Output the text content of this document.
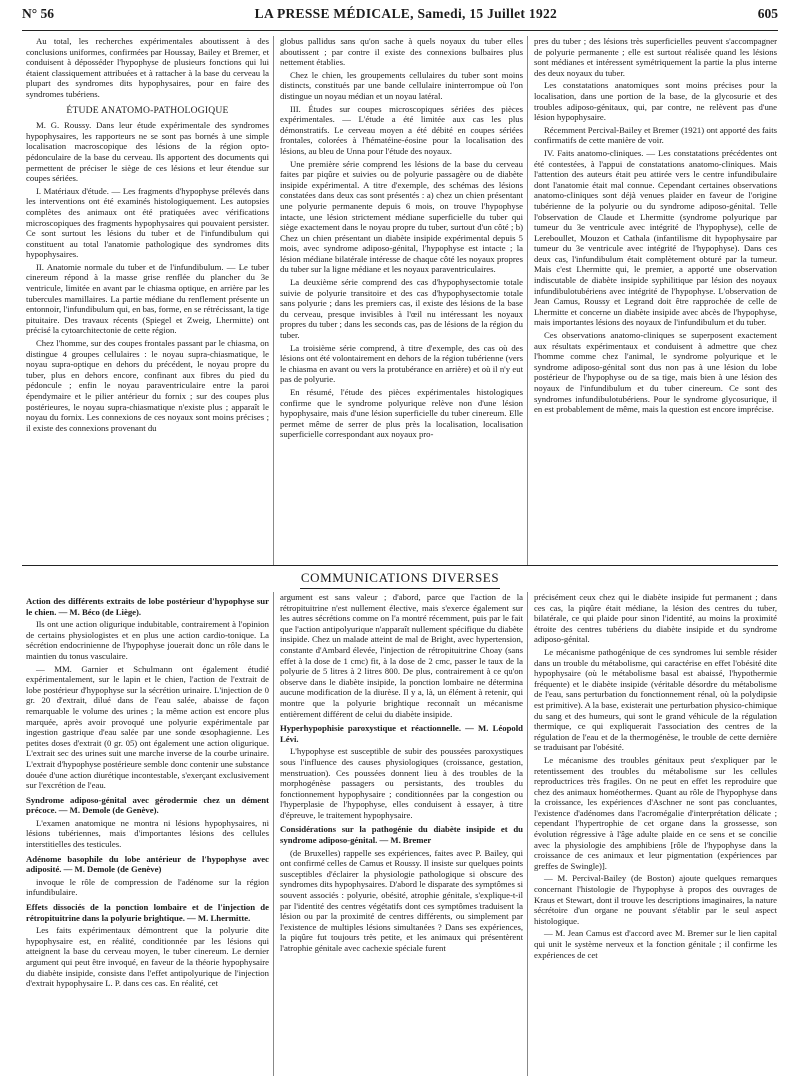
N° 56	LA PRESSE MÉDICALE, Samedi, 15 Juillet 1922	605

Au total, les recherches expérimentales aboutissent à des conclusions uniformes, confirmées par Houssay, Bailey et Bremer, et conduisent à déposséder l'hypophyse de plusieurs fonctions qui lui étaient classiquement attribuées et à rattacher à la base du cerveau la plupart des syndromes dits hypophysaires, pour en faire des syndromes tubériens.

ÉTUDE ANATOMO-PATHOLOGIQUE

M. G. Roussy. Dans leur étude expérimentale des syndromes hypophysaires, les rapporteurs ne se sont pas bornés à une simple localisation macroscopique des lésions de la région opto-pédonculaire de la base du cerveau. Ils apportent des documents qui permettent de préciser le siège de ces lésions et leur étendue sur coupes sériées.

I. Matériaux d'étude. — Les fragments d'hypophyse prélevés dans les interventions ont été examinés histologiquement. Les autopsies complètes des animaux ont été pratiquées avec vérifications microscopiques des fragments hypophysaires qui pouvaient persister. Ce sont surtout les lésions du tuber et de l'infundibulum qui constituent au total l'anatomie pathologique des syndromes dits hypophysaires.

II. Anatomie normale du tuber et de l'infundibulum. — Le tuber cinereum répond à la masse grise renflée du plancher du 3e ventricule, limitée en avant par le chiasma optique, en arrière par les tubercules mamillaires. La partie médiane du renflement présente un entonnoir, l'infundibulum qui, en bas, forme, en se rétrécissant, la tige pituitaire. Des travaux récents (Spiegel et Zweig, Lhermitte) ont précisé la cytoarchitectonie de cette région.

Chez l'homme, sur des coupes frontales passant par le chiasma, on distingue 4 groupes cellulaires : le noyau supra-chiasmatique, le noyau supra-optique en dehors du précédent, le noyau propre du tuber, plus en dehors encore, confinant aux fibres du pied du pédoncule ; enfin le noyau paraventriculaire entre la paroi épendymaire et le pilier antérieur du fornix ; sur des coupes plus postérieures, le noyau supra-chiasmatique n'existe plus ; apparaît le noyau du fornix. Les connexions de ces noyaux sont moins précises ; il existe des connexions provenant du

globus pallidus sans qu'on sache à quels noyaux du tuber elles aboutissent ; par contre il existe des connexions bulbaires plus nettement établies.

Chez le chien, les groupements cellulaires du tuber sont moins distincts, constitués par une bande cellulaire ininterrompue où l'on distingue un noyau médian et un noyau latéral.

III. Études sur coupes microscopiques sériées des pièces expérimentales. — L'étude a été limitée aux cas les plus démonstratifs. Le cerveau moyen a été débité en coupes sériées frontales, colorées à l'hématéine-éosine pour la localisation des lésions, au bleu de Unna pour l'étude des noyaux.

Une première série comprend les lésions de la base du cerveau faites par piqûre et suivies ou de polyurie passagère ou de diabète insipide expérimental. A titre d'exemple, des schémas des lésions constatées dans deux cas sont présentés : a) chez un chien présentant une polyurie permanente depuis 6 mois, on trouve l'hypophyse intacte, une lésion strictement médiane superficielle du tuber qui siège exactement dans le noyau propre du tuber, surtout d'un côté ; b) Chez un chien présentant un diabète insipide expérimental depuis 5 mois, avec syndrome adiposo-génital, l'hypophyse est intacte ; la lésion médiane bilatérale intéresse de chaque côté les noyaux propres du tuber sur la ligne médiane et les noyaux paraventriculaires.

La deuxième série comprend des cas d'hypophysectomie totale suivie de polyurie transitoire et des cas d'hypophysectomie totale sans polyurie ; dans les premiers cas, il existe des lésions de la base du cerveau, presque invisibles à l'œil nu intéressant les noyaux propres du tuber ; dans les seconds cas, pas de lésions de la région du tuber.

La troisième série comprend, à titre d'exemple, des cas où des lésions ont été volontairement en dehors de la région tubérienne (vers le chiasma en avant ou vers la protubérance en arrière) et où il n'y eut pas de polyurie.

En résumé, l'étude des pièces expérimentales histologiques confirme que le syndrome polyurique relève non d'une lésion hypophysaire, mais d'une lésion superficielle du tuber cinereum. Elle permet même de serrer de plus près la localisation, localisation superficielle correspondant aux noyaux pro-

pres du tuber ; des lésions très superficielles peuvent s'accompagner de polyurie permanente ; elle est surtout réalisée quand les lésions sont médianes et intéressent symétriquement la partie la plus interne des deux noyaux du tuber.

Les constatations anatomiques sont moins précises pour la localisation, dans une portion de la base, de la glycosurie et des troubles adiposo-génitaux, qui, par contre, ne relèvent pas d'une lésion hypophysaire.

Récemment Percival-Bailey et Bremer (1921) ont apporté des faits confirmatifs de cette manière de voir.

IV. Faits anatomo-cliniques. — Les constatations précédentes ont été contestées, à l'appui de constatations anatomo-cliniques. Mais l'attention des auteurs était peu attirée vers le centre infundibulaire dont l'anatomie était mal connue. Cependant certaines observations anatomo-cliniques sont déjà venues plaider en faveur de l'origine tubérienne de la polyurie ou du syndrome adiposo-génital. Telle l'observation de Claude et Lhermitte (syndrome polyurique par tumeur du 3e ventricule avec intégrité de l'hypophyse), celle de Lereboullet, Mouzon et Cathala (infantilisme dit hypophysaire par tumeur du 3e ventricule avec intégrité de l'hypophyse). Dans ces deux cas, l'infundibulum était complètement obturé par la tumeur. Mais c'est Lhermitte qui, le premier, a apporté une observation indiscutable de diabète insipide syphilitique par lésion des noyaux infundibulotubériens avec intégrité de l'hypophyse. L'observation de Jean Camus, Roussy et Legrand doit être rapprochée de celle de Lhermitte et concerne un diabète insipide avec abcès de l'hypophyse, mais importantes lésions des noyaux de l'infundibulum et du tuber.

Ces observations anatomo-cliniques se superposent exactement aux résultats expérimentaux et conduisent à admettre que chez l'homme comme chez l'animal, le syndrome polyurique et le syndrome adiposo-génital sont dus non pas à une lésion du lobe postérieur de l'hypophyse ou de sa tige, mais bien à une lésion des noyaux de l'infundibulum et du tuber cinereum. Ce sont des syndromes infundibulotubériens. Pour le syndrome glycosurique, il en est probablement de même, mais la question est encore imprécise.

COMMUNICATIONS DIVERSES

Action des différents extraits de lobe postérieur d'hypophyse sur le chien. — M. Béco (de Liège).

Ils ont une action oligurique indubitable, contrairement à l'opinion de certains physiologistes et en plus une action cardio-tonique. La sécrétion endocrinienne de l'hypophyse jouerait donc un rôle dans le maintien du tonus vasculaire.

— MM. Garnier et Schulmann ont également étudié expérimentalement, sur le lapin et le chien, l'action de l'extrait de lobe postérieur d'hypophyse sur la sécrétion urinaire. L'injection de 0 gr. 20 d'extrait, dilué dans de l'eau salée, abaisse de façon remarquable le volume des urines ; la même action est encore plus marquée, après avoir provoqué une polyurie expérimentale par ingestion gastrique d'eau salée par une sonde œsophagienne. Les petites doses d'extrait (0 gr. 05) ont également une action oligurique. L'extrait sec des urines suit une marche inverse de la courbe urinaire. L'extrait d'hypophyse postérieure semble donc contenir une substance douée d'une action diurétique incontestable, s'exerçant exclusivement sur l'excrétion de l'eau.

Syndrome adiposo-génital avec gérodermie chez un dément précoce. — M. Demole (de Genève).

L'examen anatomique ne montra ni lésions hypophysaires, ni lésions tubériennes, mais d'importantes lésions des cellules interstitielles des testicules.

Adénome basophile du lobe antérieur de l'hypophyse avec adiposité. — M. Demole (de Genève)

invoque le rôle de compression de l'adénome sur la région infundibulaire.

Effets dissociés de la ponction lombaire et de l'injection de rétropituitrine dans la polyurie brightique. — M. Lhermitte.

Les faits expérimentaux démontrent que la polyurie dite hypophysaire est, en réalité, conditionnée par les lésions qui atteignent la base du cerveau moyen, le tuber cinereum. Le dernier argument qui peut être invoqué, en faveur de la théorie hypophysaire du diabète insipide, consiste dans l'effet antipolyurique de l'injection d'extrait hypophysaire L. P. dans ces cas. En réalité, cet

argument est sans valeur ; d'abord, parce que l'action de la rétropituitrine n'est nullement élective, mais s'exerce également sur les autres sécrétions comme on l'a montré récemment, puis par le fait que l'action antipolyurique n'apparaît nullement spécifique du diabète insipide. Chez un malade atteint de mal de Bright, avec hypertension, constante d'Ambard élevée, l'injection de rétropituitrine Choay (sans effet à la dose de 1 cmc) fit, à la dose de 2 cmc, passer le taux de la polyurie de 5 litres à 2 litres 800. De plus, contrairement à ce qu'on observe dans le diabète insipide, la ponction lombaire ne détermina aucune modification de la diurèse. Il y a, là, un élément à retenir, qui montre que la polyurie brightique reconnaît un mécanisme entièrement différent de celui du diabète insipide.

Hyperhypophisie paroxystique et réactionnelle. — M. Léopold Lévi.

L'hypophyse est susceptible de subir des poussées paroxystiques sous l'influence des causes physiologiques (croissance, gestation, menstruation). Ces poussées donnent lieu à des troubles de la morphogénèse passagers ou persistants, des troubles du fonctionnement hypophysaire ; conditionnées par la congestion ou l'hyperplasie de l'hypophyse, elles conduisent à essayer, à titre d'épreuve, le traitement hypophysaire.

Considérations sur la pathogénie du diabète insipide et du syndrome adiposo-génital. — M. Bremer

(de Bruxelles) rappelle ses expériences, faites avec P. Bailey, qui ont confirmé celles de Camus et Roussy. Il insiste sur quelques points susceptibles d'éclairer la physiologie pathologique si obscure des syndromes dits hypophysaires. D'abord le disparate des symptômes si souvent associés : polyurie, obésité, atrophie génitale, s'explique-t-il par l'identité des centres végétatifs dont ces symptômes traduisent la lésion ou par la proximité de centres différents, ou simplement par l'existence de multiples lésions simultanées ? Dans ses expériences, la piqûre fut toujours très petite, et les animaux qui présentèrent l'atrophie génitale avec cachexie spéciale furent

précisément ceux chez qui le diabète insipide fut permanent ; dans ces cas, la piqûre était médiane, la lésion des centres du tuber, bilatérale, ce qui plaide pour sinon l'identité, au moins la proximité étroite des centres tubériens du diabète insipide et du syndrome adiposo-génital.

Le mécanisme pathogénique de ces syndromes lui semble résider dans un trouble du métabolisme, qui caractérise en effet l'obésité dite hypophysaire (où le métabolisme basal est abaissé, l'hypothermie fréquente) et le diabète insipide (véritable désordre du métabolisme de l'eau, sans perturbation du fonctionnement rénal, où la polydipsie est primitive). A la base, existerait une perturbation physico-chimique du sang et des humeurs, qui sont le grand véhicule de la régulation thermique, ce qui expliquerait l'association des centres de la régulation de l'eau et de la thermogénèse, le trouble de cette dernière se traduisant par l'obésité.

Le mécanisme des troubles génitaux peut s'expliquer par le retentissement des troubles du métabolisme sur les cellules reproductrices très fragiles. On ne peut en effet les reproduire que chez des animaux homéothermes. Quant au rôle de l'hypophyse dans la croissance, les expériences d'Aschner ne sont pas concluantes, l'existence d'adénomes dans l'acromégalie d'interprétation délicate ; cependant l'hypertrophie de cet organe dans la grossesse, son évolution régressive à l'âge adulte plaide en ce sens et se concilie avec la physiologie des amphibiens [rôle de l'hypophyse dans la croissance de ces animaux et leur pigmentation (expériences par greffes de Swingle)].

— M. Percival-Bailey (de Boston) ajoute quelques remarques concernant l'histologie de l'hypophyse à propos des ouvrages de Kraus et Stewart, dont il trouve les descriptions imaginaires, la nature sécrétoire d'un organe ne pouvant s'établir par le seul aspect histologique.

— M. Jean Camus est d'accord avec M. Bremer sur le lien capital qui unit le système nerveux et la fonction génitale ; il confirme les expériences de cet
